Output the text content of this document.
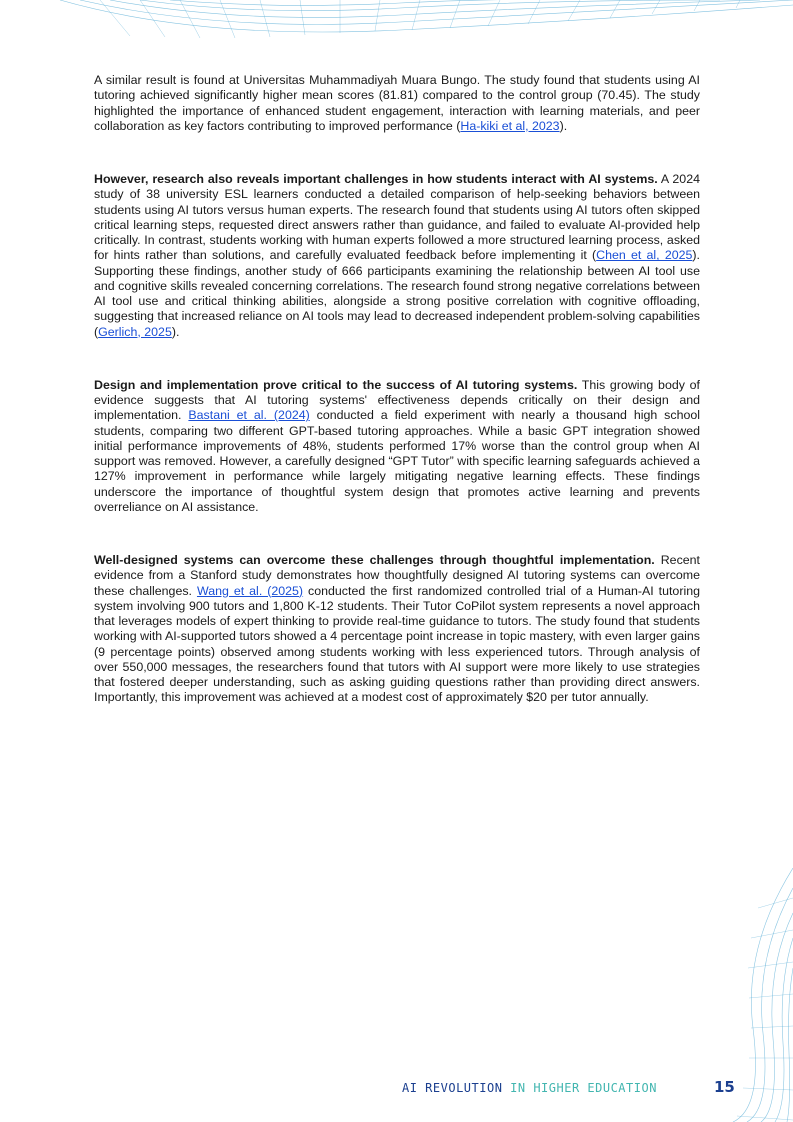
A similar result is found at Universitas Muhammadiyah Muara Bungo. The study found that students using AI tutoring achieved significantly higher mean scores (81.81) compared to the control group (70.45). The study highlighted the importance of enhanced student engagement, interaction with learning materials, and peer collaboration as key factors contributing to improved performance (Ha-kiki et al, 2023).

However, research also reveals important challenges in how students interact with AI systems. A 2024 study of 38 university ESL learners conducted a detailed comparison of help-seeking behaviors between students using AI tutors versus human experts. The research found that students using AI tutors often skipped critical learning steps, requested direct answers rather than guidance, and failed to evaluate AI-provided help critically. In contrast, students working with human experts followed a more structured learning process, asked for hints rather than solutions, and carefully evaluated feedback before implementing it (Chen et al, 2025). Supporting these findings, another study of 666 participants examining the relationship between AI tool use and cognitive skills revealed concerning correlations. The research found strong negative correlations between AI tool use and critical thinking abilities, alongside a strong positive correlation with cognitive offloading, suggesting that increased reliance on AI tools may lead to decreased independent problem-solving capabilities (Gerlich, 2025).

Design and implementation prove critical to the success of AI tutoring systems. This growing body of evidence suggests that AI tutoring systems' effectiveness depends critically on their design and implementation. Bastani et al. (2024) conducted a field experiment with nearly a thousand high school students, comparing two different GPT-based tutoring approaches. While a basic GPT integration showed initial performance improvements of 48%, students performed 17% worse than the control group when AI support was removed. However, a carefully designed “GPT Tutor” with specific learning safeguards achieved a 127% improvement in performance while largely mitigating negative learning effects. These findings underscore the importance of thoughtful system design that promotes active learning and prevents overreliance on AI assistance.

Well-designed systems can overcome these challenges through thoughtful implementation. Recent evidence from a Stanford study demonstrates how thoughtfully designed AI tutoring systems can overcome these challenges. Wang et al. (2025) conducted the first randomized controlled trial of a Human-AI tutoring system involving 900 tutors and 1,800 K-12 students. Their Tutor CoPilot system represents a novel approach that leverages models of expert thinking to provide real-time guidance to tutors. The study found that students working with AI-supported tutors showed a 4 percentage point increase in topic mastery, with even larger gains (9 percentage points) observed among students working with less experienced tutors. Through analysis of over 550,000 messages, the researchers found that tutors with AI support were more likely to use strategies that fostered deeper understanding, such as asking guiding questions rather than providing direct answers. Importantly, this improvement was achieved at a modest cost of approximately $20 per tutor annually.

AI REVOLUTION IN HIGHER EDUCATION	15
